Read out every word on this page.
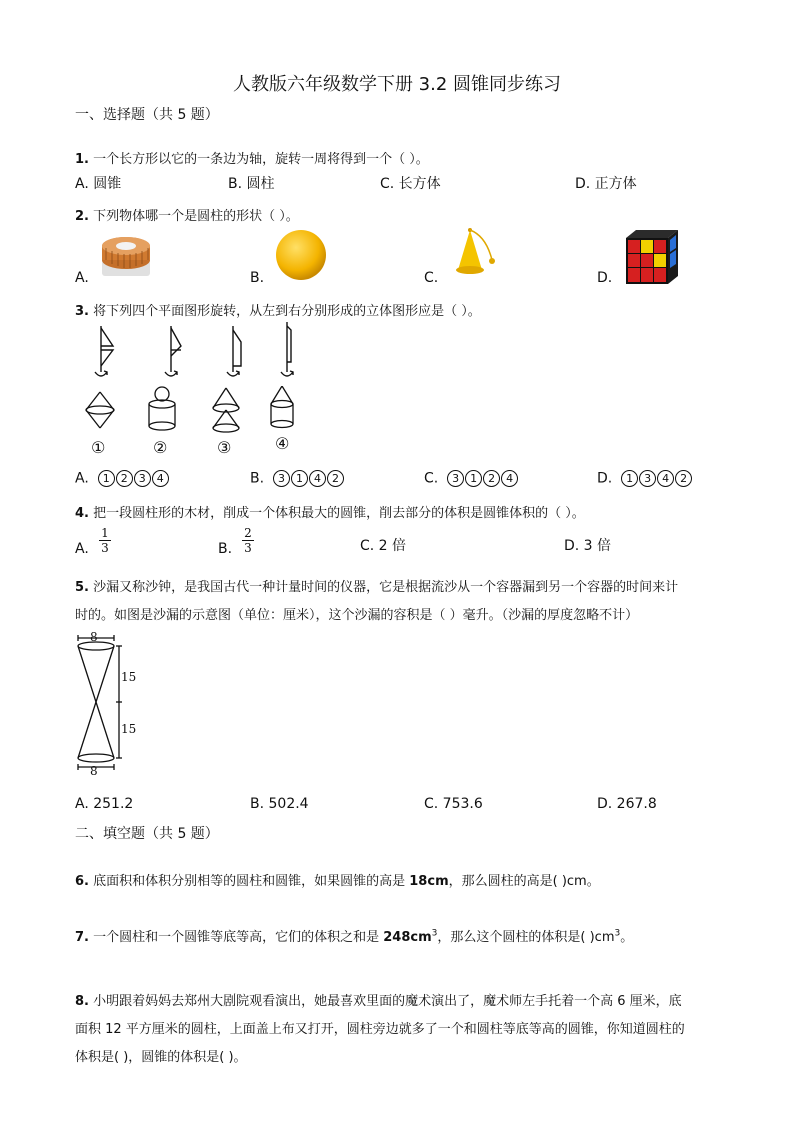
人教版六年级数学下册 3.2 圆锥同步练习
一、选择题（共 5 题）
1. 一个长方形以它的一条边为轴，旋转一周将得到一个（ ）。
A. 圆锥	B. 圆柱	C. 长方体	D. 正方体
2. 下列物体哪一个是圆柱的形状（ ）。
A.	B.	C.	D.
3. 将下列四个平面图形旋转，从左到右分别形成的立体图形应是（ ）。
①	②	③	④
A. 1 2 3 4	B. 3 1 4 2	C. 3 1 2 4	D. 1 3 4 2
4. 把一段圆柱形的木材，削成一个体积最大的圆锥，削去部分的体积是圆锥体积的（ ）。
A.
1
3	B.
2
3	C. 2 倍	D. 3 倍
5. 沙漏又称沙钟，是我国古代一种计量时间的仪器，它是根据流沙从一个容器漏到另一个容器的时间来计
时的。如图是沙漏的示意图（单位：厘米），这个沙漏的容积是（ ）毫升。（沙漏的厚度忽略不计）
8
8
15
15
A. 251.2	B. 502.4	C. 753.6	D. 267.8
二、填空题（共 5 题）
6. 底面积和体积分别相等的圆柱和圆锥，如果圆锥的高是 18cm，那么圆柱的高是( )cm。
7. 一个圆柱和一个圆锥等底等高，它们的体积之和是 $248cm^3$，那么这个圆柱的体积是( )$cm^3$。
8. 小明跟着妈妈去郑州大剧院观看演出，她最喜欢里面的魔术演出了，魔术师左手托着一个高 6 厘米，底
面积 12 平方厘米的圆柱，上面盖上布又打开，圆柱旁边就多了一个和圆柱等底等高的圆锥，你知道圆柱的
体积是( )，圆锥的体积是( )。
